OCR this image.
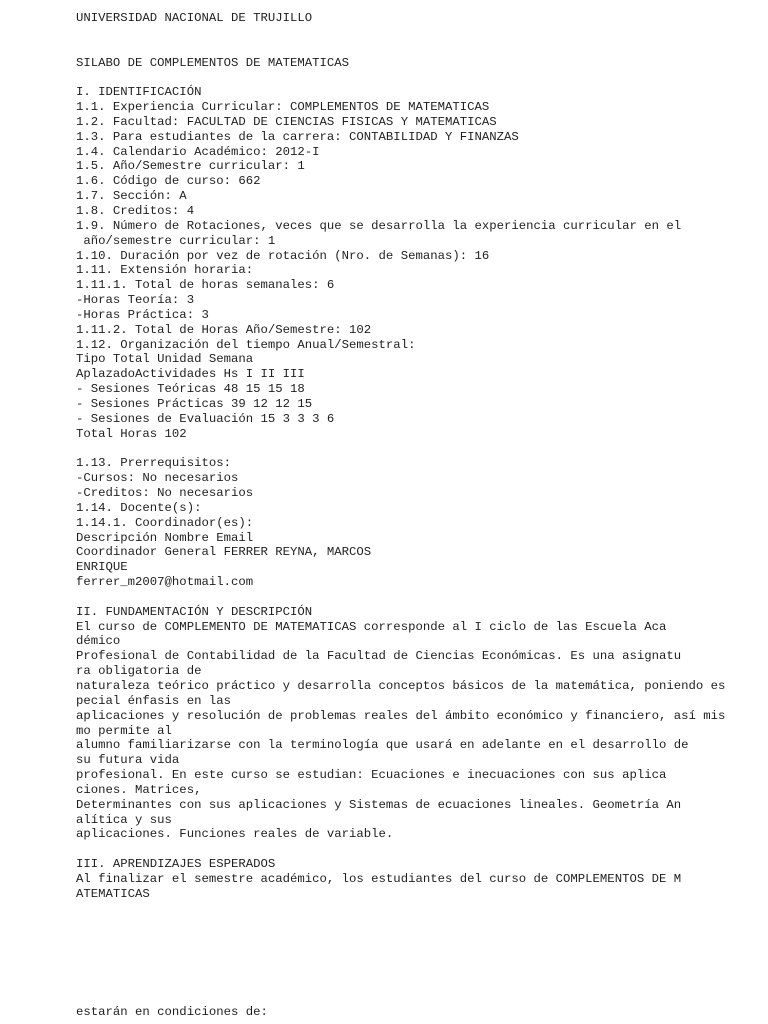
UNIVERSIDAD NACIONAL DE TRUJILLO
SILABO DE COMPLEMENTOS DE MATEMATICAS
I. IDENTIFICACIÓN
1.1. Experiencia Curricular: COMPLEMENTOS DE MATEMATICAS
1.2. Facultad: FACULTAD DE CIENCIAS FISICAS Y MATEMATICAS
1.3. Para estudiantes de la carrera: CONTABILIDAD Y FINANZAS
1.4. Calendario Académico: 2012-I
1.5. Año/Semestre curricular: 1
1.6. Código de curso: 662
1.7. Sección: A
1.8. Creditos: 4
1.9. Número de Rotaciones, veces que se desarrolla la experiencia curricular en el
año/semestre curricular: 1
1.10. Duración por vez de rotación (Nro. de Semanas): 16
1.11. Extensión horaria:
1.11.1. Total de horas semanales: 6
-Horas Teoría: 3
-Horas Práctica: 3
1.11.2. Total de Horas Año/Semestre: 102
1.12. Organización del tiempo Anual/Semestral:
Tipo Total Unidad Semana
AplazadoActividades Hs I II III
- Sesiones Teóricas 48 15 15 18
- Sesiones Prácticas 39 12 12 15
- Sesiones de Evaluación 15 3 3 3 6
Total Horas 102
1.13. Prerrequisitos:
-Cursos: No necesarios
-Creditos: No necesarios
1.14. Docente(s):
1.14.1. Coordinador(es):
Descripción Nombre Email
Coordinador General FERRER REYNA, MARCOS
ENRIQUE
ferrer_m2007@hotmail.com
II. FUNDAMENTACIÓN Y DESCRIPCIÓN
El curso de COMPLEMENTO DE MATEMATICAS corresponde al I ciclo de las Escuela Aca
démico
Profesional de Contabilidad de la Facultad de Ciencias Económicas. Es una asignatu
ra obligatoria de
naturaleza teórico práctico y desarrolla conceptos básicos de la matemática, poniendo es
pecial énfasis en las
aplicaciones y resolución de problemas reales del ámbito económico y financiero, así mis
mo permite al
alumno familiarizarse con la terminología que usará en adelante en el desarrollo de
su futura vida
profesional. En este curso se estudian: Ecuaciones e inecuaciones con sus aplica
ciones. Matrices,
Determinantes con sus aplicaciones y Sistemas de ecuaciones lineales. Geometría An
alítica y sus
aplicaciones. Funciones reales de variable.
III. APRENDIZAJES ESPERADOS
Al finalizar el semestre académico, los estudiantes del curso de COMPLEMENTOS DE M
ATEMATICAS
estarán en condiciones de:
